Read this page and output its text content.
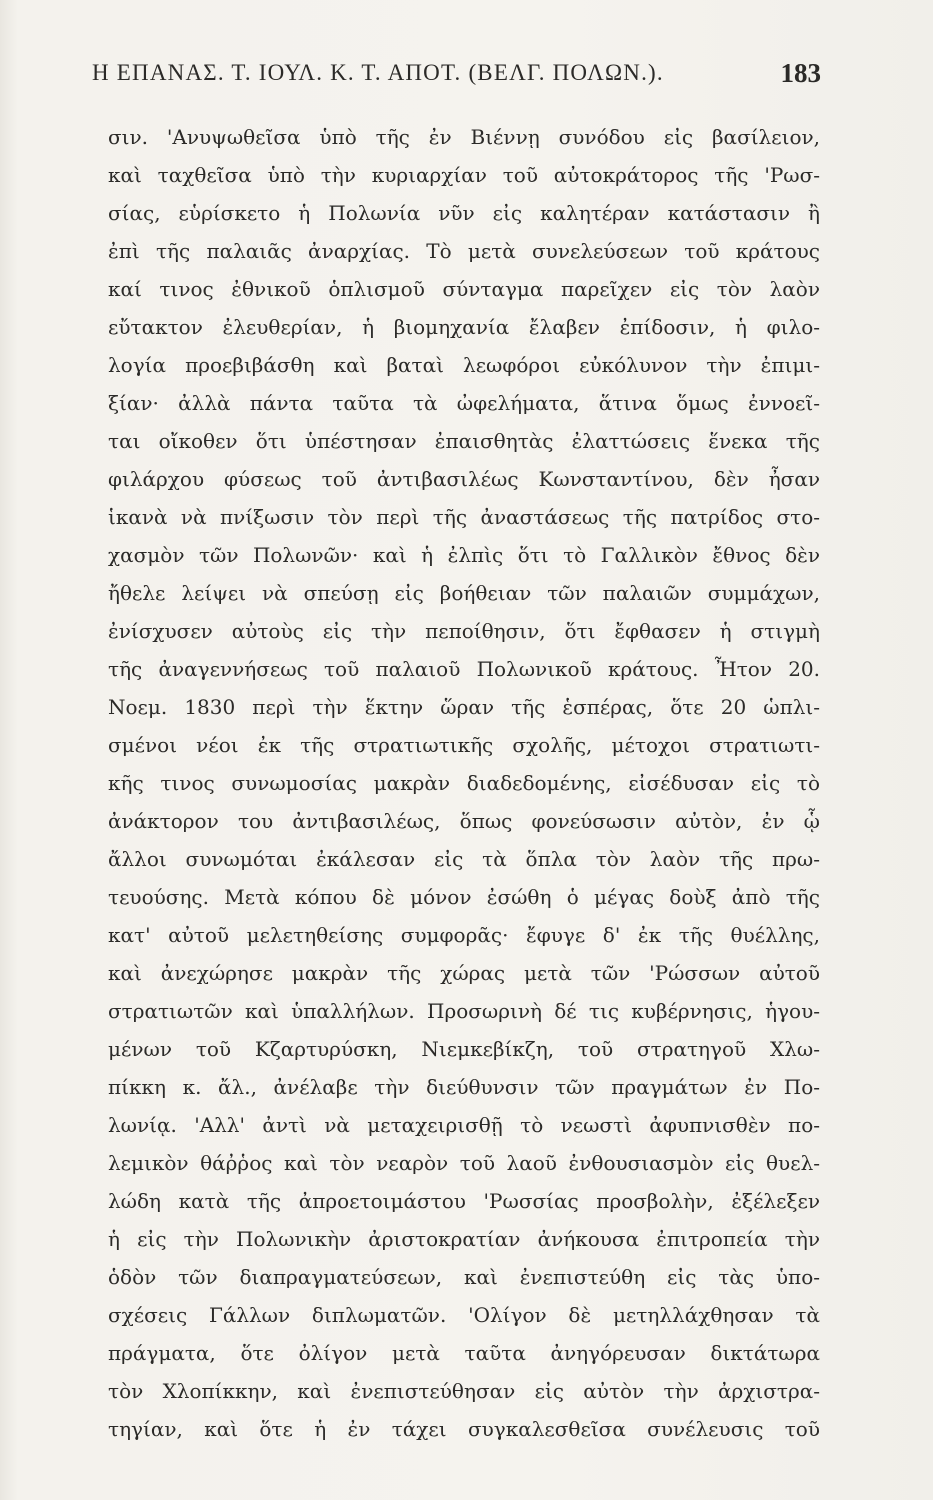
Η ΕΠΑΝΑΣ. Τ. ΙΟΥΛ. Κ. Τ. ΑΠΟΤ. (ΒΕΛΓ. ΠΟΛΩΝ.).	183
σιν. 'Ανυψωθεῖσα ὑπὸ τῆς ἐν Βιέννῃ συνόδου εἰς βασίλειον,
καὶ ταχθεῖσα ὑπὸ τὴν κυριαρχίαν τοῦ αὐτοκράτορος τῆς 'Ρωσ-
σίας, εὑρίσκετο ἡ Πολωνία νῦν εἰς καλητέραν κατάστασιν ἢ
ἐπὶ τῆς παλαιᾶς ἀναρχίας. Τὸ μετὰ συνελεύσεων τοῦ κράτους
καί τινος ἐθνικοῦ ὁπλισμοῦ σύνταγμα παρεῖχεν εἰς τὸν λαὸν
εὔτακτον ἐλευθερίαν, ἡ βιομηχανία ἔλαβεν ἐπίδοσιν, ἡ φιλο-
λογία προεβιβάσθη καὶ βαταὶ λεωφόροι εὐκόλυνον τὴν ἐπιμι-
ξίαν· ἀλλὰ πάντα ταῦτα τὰ ὠφελήματα, ἅτινα ὅμως ἐννοεῖ-
ται οἴκοθεν ὅτι ὑπέστησαν ἐπαισθητὰς ἐλαττώσεις ἕνεκα τῆς
φιλάρχου φύσεως τοῦ ἀντιβασιλέως Κωνσταντίνου, δὲν ἦσαν
ἱκανὰ νὰ πνίξωσιν τὸν περὶ τῆς ἀναστάσεως τῆς πατρίδος στο-
χασμὸν τῶν Πολωνῶν· καὶ ἡ ἐλπὶς ὅτι τὸ Γαλλικὸν ἔθνος δὲν
ἤθελε λείψει νὰ σπεύσῃ εἰς βοήθειαν τῶν παλαιῶν συμμάχων,
ἐνίσχυσεν αὐτοὺς εἰς τὴν πεποίθησιν, ὅτι ἔφθασεν ἡ στιγμὴ
τῆς ἀναγεννήσεως τοῦ παλαιοῦ Πολωνικοῦ κράτους. Ἦτον 20.
Νοεμ. 1830 περὶ τὴν ἕκτην ὥραν τῆς ἑσπέρας, ὅτε 20 ὡπλι-
σμένοι νέοι ἐκ τῆς στρατιωτικῆς σχολῆς, μέτοχοι στρατιωτι-
κῆς τινος συνωμοσίας μακρὰν διαδεδομένης, εἰσέδυσαν εἰς τὸ
ἀνάκτορον του ἀντιβασιλέως, ὅπως φονεύσωσιν αὐτὸν, ἐν ᾧ
ἄλλοι συνωμόται ἐκάλεσαν εἰς τὰ ὅπλα τὸν λαὸν τῆς πρω-
τευούσης. Μετὰ κόπου δὲ μόνον ἐσώθη ὁ μέγας δοὺξ ἀπὸ τῆς
κατ' αὐτοῦ μελετηθείσης συμφορᾶς· ἔφυγε δ' ἐκ τῆς θυέλλης,
καὶ ἀνεχώρησε μακρὰν τῆς χώρας μετὰ τῶν 'Ρώσσων αὐτοῦ
στρατιωτῶν καὶ ὑπαλλήλων. Προσωρινὴ δέ τις κυβέρνησις, ἡγου-
μένων τοῦ Κζαρτυρύσκη, Νιεμκεβίκζη, τοῦ στρατηγοῦ Χλω-
πίκκη κ. ἄλ., ἀνέλαβε τὴν διεύθυνσιν τῶν πραγμάτων ἐν Πο-
λωνίᾳ. 'Αλλ' ἀντὶ νὰ μεταχειρισθῇ τὸ νεωστὶ ἀφυπνισθὲν πο-
λεμικὸν θάῤῥος καὶ τὸν νεαρὸν τοῦ λαοῦ ἐνθουσιασμὸν εἰς θυελ-
λώδη κατὰ τῆς ἀπροετοιμάστου 'Ρωσσίας προσβολὴν, ἐξέλεξεν
ἡ εἰς τὴν Πολωνικὴν ἀριστοκρατίαν ἀνήκουσα ἐπιτροπεία τὴν
ὁδὸν τῶν διαπραγματεύσεων, καὶ ἐνεπιστεύθη εἰς τὰς ὑπο-
σχέσεις Γάλλων διπλωματῶν. 'Ολίγον δὲ μετηλλάχθησαν τὰ
πράγματα, ὅτε ὀλίγον μετὰ ταῦτα ἀνηγόρευσαν δικτάτωρα
τὸν Χλοπίκκην, καὶ ἐνεπιστεύθησαν εἰς αὐτὸν τὴν ἀρχιστρα-
τηγίαν, καὶ ὅτε ἡ ἐν τάχει συγκαλεσθεῖσα συνέλευσις τοῦ
